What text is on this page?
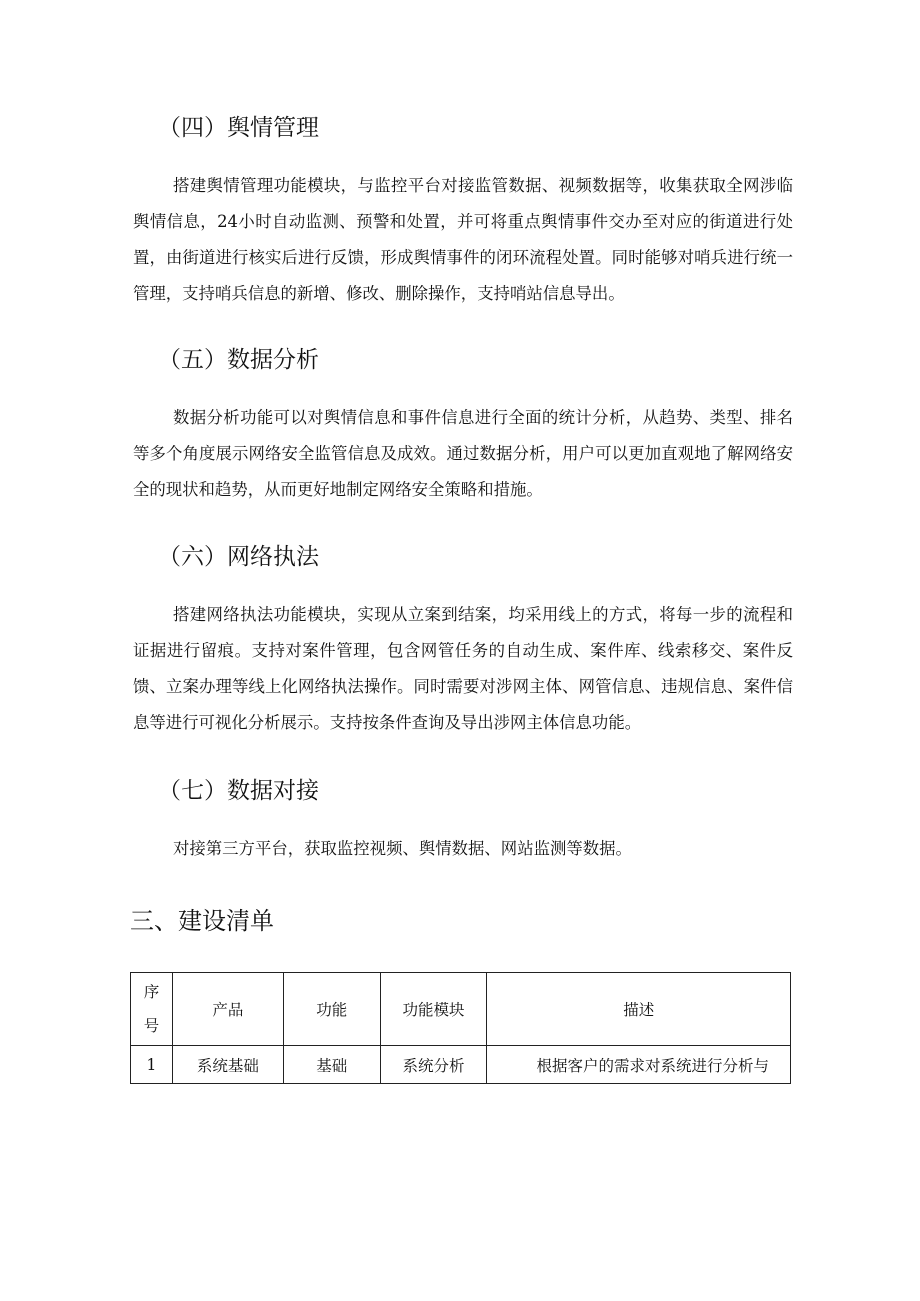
（四）舆情管理

搭建舆情管理功能模块，与监控平台对接监管数据、视频数据等，收集获取全网涉临舆情信息，24小时自动监测、预警和处置，并可将重点舆情事件交办至对应的街道进行处置，由街道进行核实后进行反馈，形成舆情事件的闭环流程处置。同时能够对哨兵进行统一管理，支持哨兵信息的新增、修改、删除操作，支持哨站信息导出。

（五）数据分析

数据分析功能可以对舆情信息和事件信息进行全面的统计分析，从趋势、类型、排名等多个角度展示网络安全监管信息及成效。通过数据分析，用户可以更加直观地了解网络安全的现状和趋势，从而更好地制定网络安全策略和措施。

（六）网络执法

搭建网络执法功能模块，实现从立案到结案，均采用线上的方式，将每一步的流程和证据进行留痕。支持对案件管理，包含网管任务的自动生成、案件库、线索移交、案件反馈、立案办理等线上化网络执法操作。同时需要对涉网主体、网管信息、违规信息、案件信息等进行可视化分析展示。支持按条件查询及导出涉网主体信息功能。

（七）数据对接

对接第三方平台，获取监控视频、舆情数据、网站监测等数据。

三、建设清单
序
号	产品	功能	功能模块	描述
1	系统基础	基础	系统分析	根据客户的需求对系统进行分析与
